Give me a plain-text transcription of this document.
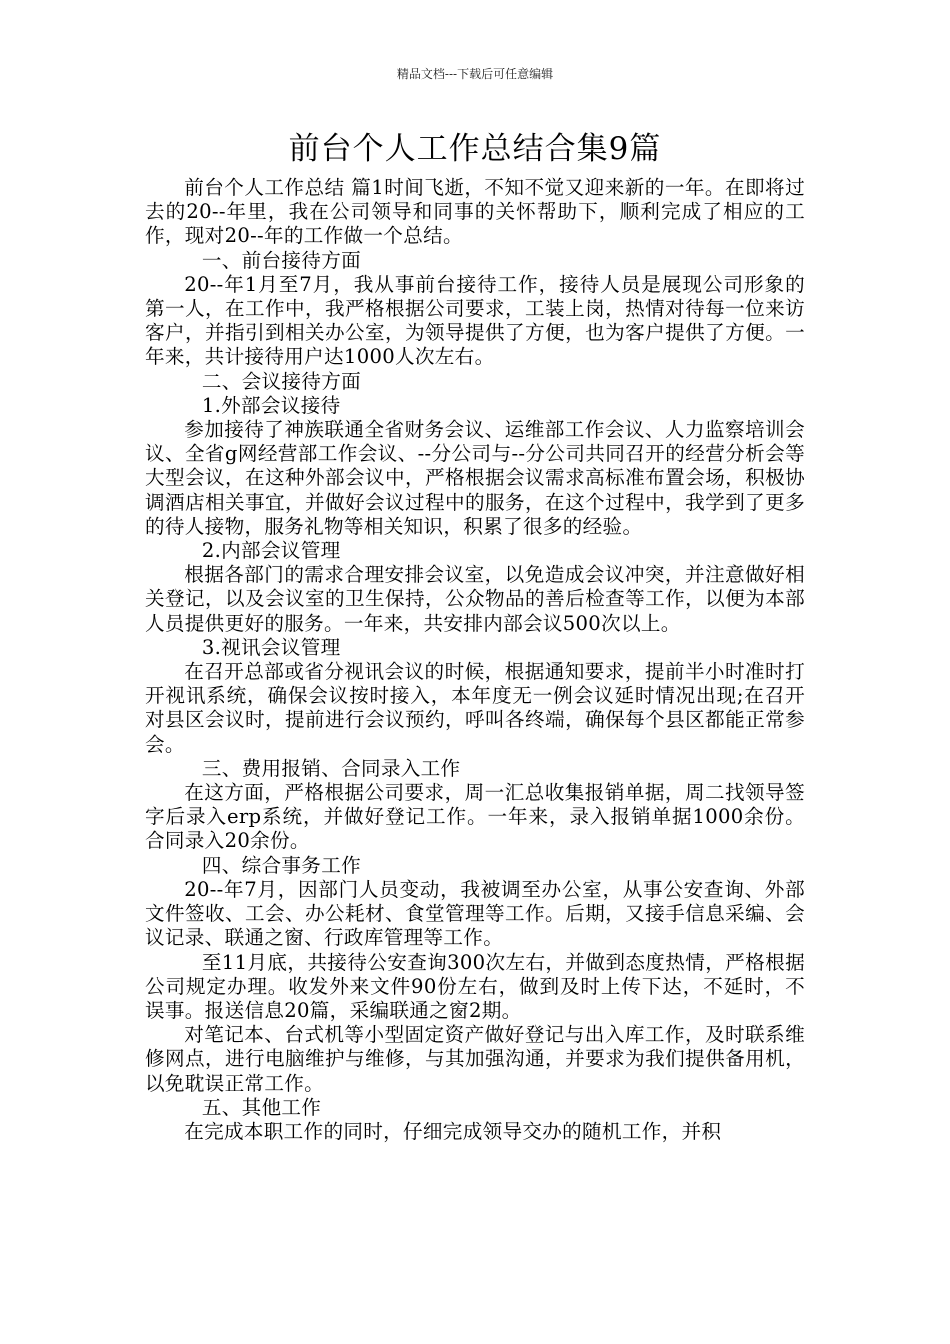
精品文档---下载后可任意编辑
前台个人工作总结合集9篇

前台个人工作总结 篇1时间飞逝，不知不觉又迎来新的一年。在即将过去的20--年里，我在公司领导和同事的关怀帮助下，顺利完成了相应的工作，现对20--年的工作做一个总结。

一、前台接待方面

20--年1月至7月，我从事前台接待工作，接待人员是展现公司形象的第一人，在工作中，我严格根据公司要求，工装上岗，热情对待每一位来访客户，并指引到相关办公室，为领导提供了方便，也为客户提供了方便。一年来，共计接待用户达1000人次左右。

二、会议接待方面

1.外部会议接待

参加接待了神族联通全省财务会议、运维部工作会议、人力监察培训会议、全省g网经营部工作会议、--分公司与--分公司共同召开的经营分析会等大型会议，在这种外部会议中，严格根据会议需求高标准布置会场，积极协调酒店相关事宜，并做好会议过程中的服务，在这个过程中，我学到了更多的待人接物，服务礼物等相关知识，积累了很多的经验。

2.内部会议管理

根据各部门的需求合理安排会议室，以免造成会议冲突，并注意做好相关登记，以及会议室的卫生保持，公众物品的善后检查等工作，以便为本部人员提供更好的服务。一年来，共安排内部会议500次以上。

3.视讯会议管理

在召开总部或省分视讯会议的时候，根据通知要求，提前半小时准时打开视讯系统，确保会议按时接入，本年度无一例会议延时情况出现;在召开对县区会议时，提前进行会议预约，呼叫各终端，确保每个县区都能正常参会。

三、费用报销、合同录入工作

在这方面，严格根据公司要求，周一汇总收集报销单据，周二找领导签字后录入erp系统，并做好登记工作。一年来，录入报销单据1000余份。合同录入20余份。

四、综合事务工作

20--年7月，因部门人员变动，我被调至办公室，从事公安查询、外部文件签收、工会、办公耗材、食堂管理等工作。后期，又接手信息采编、会议记录、联通之窗、行政库管理等工作。

至11月底，共接待公安查询300次左右，并做到态度热情，严格根据公司规定办理。收发外来文件90份左右，做到及时上传下达，不延时，不误事。报送信息20篇，采编联通之窗2期。

对笔记本、台式机等小型固定资产做好登记与出入库工作，及时联系维修网点，进行电脑维护与维修，与其加强沟通，并要求为我们提供备用机，以免耽误正常工作。

五、其他工作

在完成本职工作的同时，仔细完成领导交办的随机工作，并积
